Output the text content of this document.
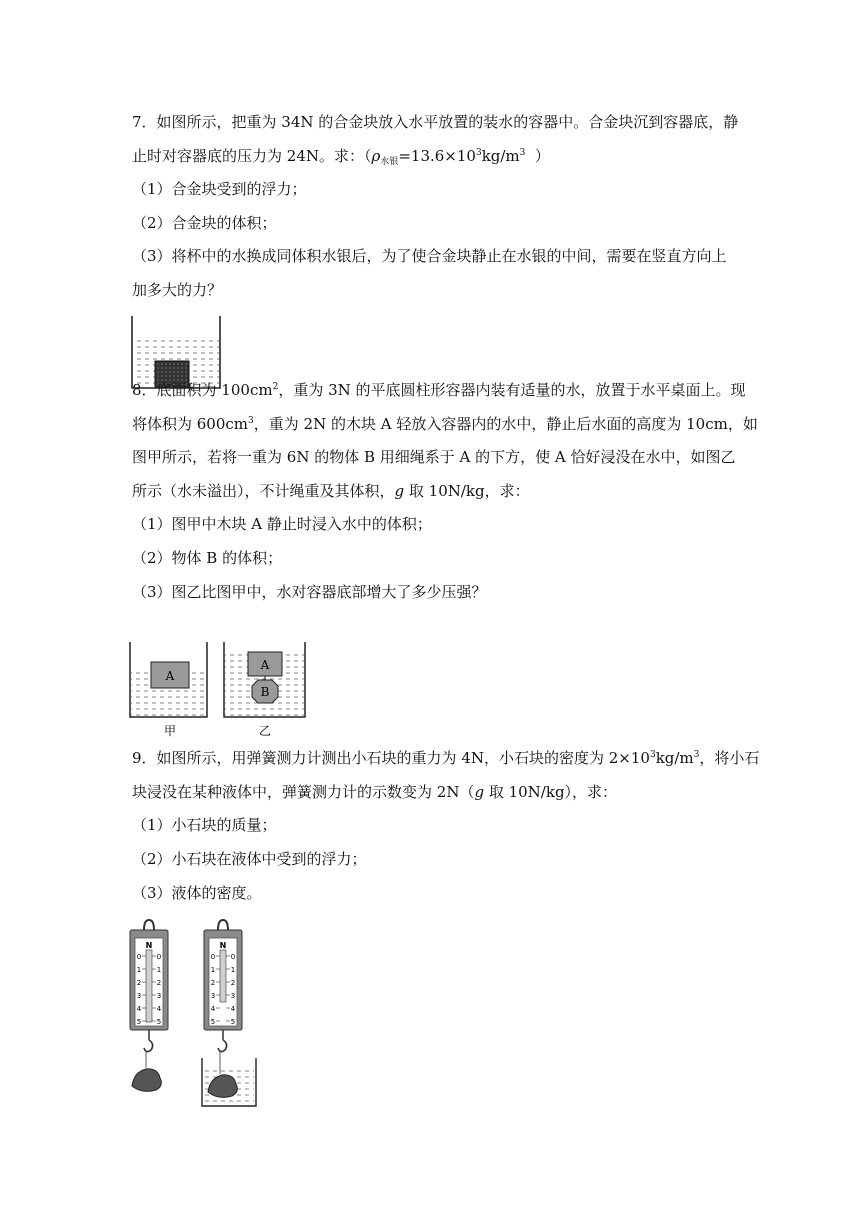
7．如图所示，把重为 34N 的合金块放入水平放置的装水的容器中。合金块沉到容器底，静
止时对容器底的压力为 24N。求：（$\rho_{水银}=13.6\times 10^3kg/m^3$  ）
（1）合金块受到的浮力；
（2）合金块的体积；
（3）将杯中的水换成同体积水银后，为了使合金块静止在水银的中间，需要在竖直方向上
加多大的力？
8．底面积为 $100cm^2$，重为 3N 的平底圆柱形容器内装有适量的水，放置于水平桌面上。现
将体积为 $600cm^3$，重为 2N 的木块 A 轻放入容器内的水中，静止后水面的高度为 10cm，如
图甲所示，若将一重为 6N 的物体 B 用细绳系于 A 的下方，使 A 恰好浸没在水中，如图乙
所示（水未溢出），不计绳重及其体积，g 取 10N/kg，求：
（1）图甲中木块 A 静止时浸入水中的体积；
（2）物体 B 的体积；
（3）图乙比图甲中，水对容器底部增大了多少压强？
A
甲
A
B
乙
9．如图所示，用弹簧测力计测出小石块的重力为 4N，小石块的密度为 $2\times 10^3kg/m^3$，将小石
块浸没在某种液体中，弹簧测力计的示数变为 2N（g 取 10N/kg），求：
（1）小石块的质量；
（2）小石块在液体中受到的浮力；
（3）液体的密度。
N
0 0
1 1
2 2
3 3
4 4
5 5
N
0 0
1 1
2 2
3 3
4 4
5 5
